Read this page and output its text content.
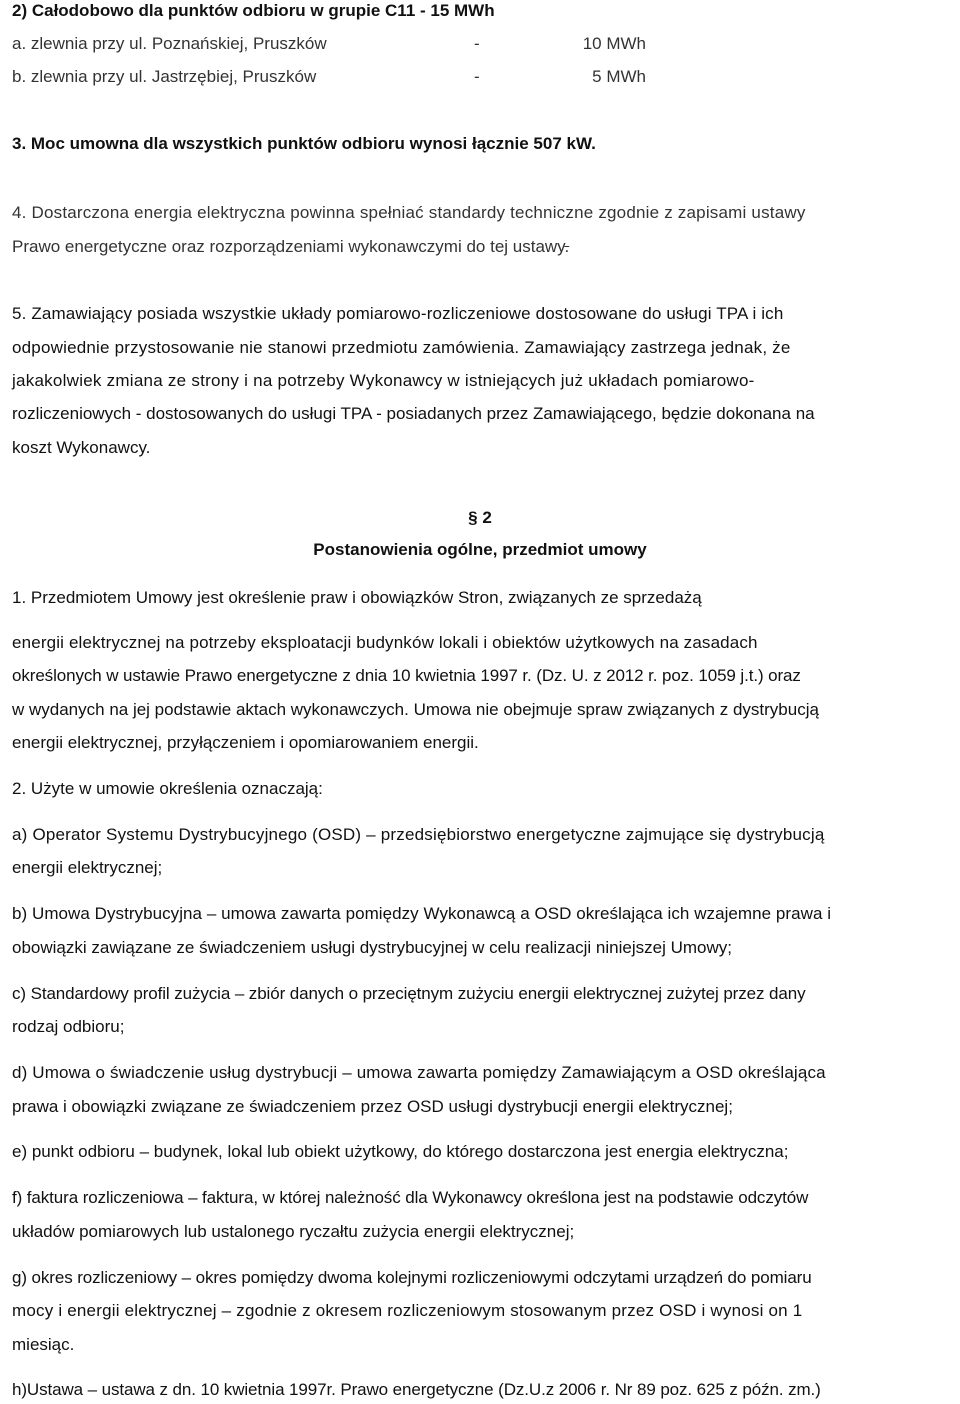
2) Całodobowo dla punktów odbioru w grupie C11 - 15 MWh
a. zlewnia przy ul. Poznańskiej, Pruszków	-	10 MWh
b. zlewnia przy ul. Jastrzębiej, Pruszków	-	5 MWh
3. Moc umowna dla wszystkich punktów odbioru wynosi łącznie 507 kW.
4. Dostarczona energia elektryczna powinna spełniać standardy techniczne zgodnie z zapisami ustawy
Prawo energetyczne oraz rozporządzeniami wykonawczymi do tej ustawy.
5. Zamawiający posiada wszystkie układy pomiarowo-rozliczeniowe dostosowane do usługi TPA i ich
odpowiednie przystosowanie nie stanowi przedmiotu zamówienia. Zamawiający zastrzega jednak, że
jakakolwiek zmiana ze strony i na potrzeby Wykonawcy w istniejących już układach pomiarowo-
rozliczeniowych - dostosowanych do usługi TPA - posiadanych przez Zamawiającego, będzie dokonana na
koszt Wykonawcy.
§ 2
Postanowienia ogólne, przedmiot umowy
1. Przedmiotem Umowy jest określenie praw i obowiązków Stron, związanych ze sprzedażą
energii elektrycznej na potrzeby eksploatacji budynków lokali i obiektów użytkowych na zasadach
określonych w ustawie Prawo energetyczne z dnia 10 kwietnia 1997 r. (Dz. U. z 2012 r. poz. 1059 j.t.) oraz
w wydanych na jej podstawie aktach wykonawczych. Umowa nie obejmuje spraw związanych z dystrybucją
energii elektrycznej, przyłączeniem i opomiarowaniem energii.
2. Użyte w umowie określenia oznaczają:
a) Operator Systemu Dystrybucyjnego (OSD) – przedsiębiorstwo energetyczne zajmujące się dystrybucją
energii elektrycznej;
b) Umowa Dystrybucyjna – umowa zawarta pomiędzy Wykonawcą a OSD określająca ich wzajemne prawa i
obowiązki zawiązane ze świadczeniem usługi dystrybucyjnej w celu realizacji niniejszej Umowy;
c) Standardowy profil zużycia – zbiór danych o przeciętnym zużyciu energii elektrycznej zużytej przez dany
rodzaj odbioru;
d) Umowa o świadczenie usług dystrybucji – umowa zawarta pomiędzy Zamawiającym a OSD określająca
prawa i obowiązki związane ze świadczeniem przez OSD usługi dystrybucji energii elektrycznej;
e) punkt odbioru – budynek, lokal lub obiekt użytkowy, do którego dostarczona jest energia elektryczna;
f) faktura rozliczeniowa – faktura, w której należność dla Wykonawcy określona jest na podstawie odczytów
układów pomiarowych lub ustalonego ryczałtu zużycia energii elektrycznej;
g) okres rozliczeniowy – okres pomiędzy dwoma kolejnymi rozliczeniowymi odczytami urządzeń do pomiaru
mocy i energii elektrycznej – zgodnie z okresem rozliczeniowym stosowanym przez OSD i wynosi on 1
miesiąc.
h)Ustawa – ustawa z dn. 10 kwietnia 1997r. Prawo energetyczne (Dz.U.z 2006 r. Nr 89 poz. 625 z późn. zm.)
